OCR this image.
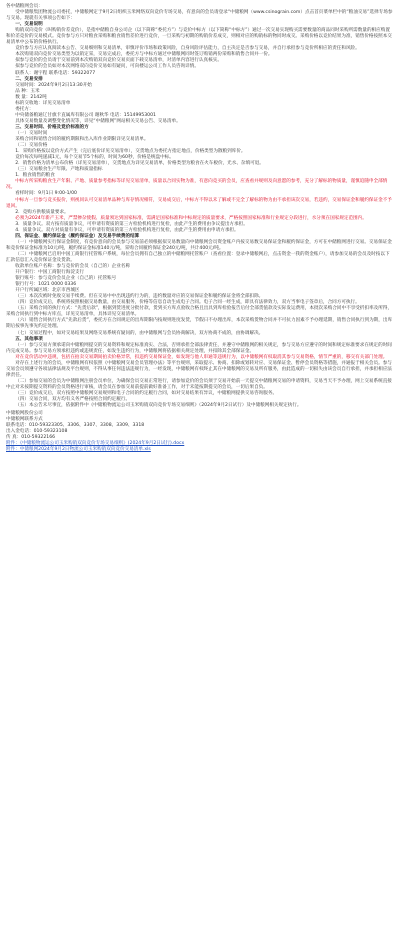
各中储粮网会员：

受中储粮集团物流公司委托，中储粮网定于9月2日组织玉米网络双向竞价专场交易，有意向的会员请登录“中储粮网（www.csinograin.com）点击首页菜单栏中的“粮油交易”选择专场参与交易。现就有关事项公告如下：

一、交易说明

购销双向竞价（叫购销价差竞价），是指中储粮自身公司企（以下简称“委托方”）与竞价中标方（以下简称“中标方”）通过一次交易实现购买需要数量的商品同时采购所需数量的相应购置和价差竞价的交易模式。竞价参与方只对粮食采购和粮食销售差价进行竞价，一旦采购与初期的购销价差成交，则相对应的购销标的物同时成交。采购价格以竞价结果为准，销售价格按照本交易清单中公布的价格执行。

竞价参与方应认真阅读本公告、交易细则和交易清单，审慎评价市场和政策风险，自身风险评估能力，自主决定是否参与交易，并自行承担参与竞价所相应的责任和风险。

本次购销双向竞价交易类型为以销定采，交易完成后，委托方与中标方通过中储粮网同时签订购销两份采购和销售合同并一份。

拟参与竞价的会员请于交易前到本次购销双向竞价交易页面下载交易清单，对清单内容进行认真核实。

拟参与竞价的会员如对本次网络双向竞价交易如有疑问，可向楼运公司工作人员咨询详情。

联系人：谢宇程 联系电话：59322077

二、交易安排

交易时间：2024年9月2日13:30开始

品 种：玉米

数 量：2142吨

标的交收地：详见交易清单

委托方：

中央储备粮通辽甘旗卡直属库有限公司 谢秋华 电话：15149953001

具体交易数量及调整变化情况等，详见“中储粮网”网站相关交易公告、交易清单。

三、交易时间、价格及竞价标准的方

（一）交易时间

采购合同和销售合同的履约期限和出入库作业期限详见交易清单。

（二）交易价格

1．采购价格按以竞价方式产生（完后底价详见交易清单），交货地点为委托方指定地点，价格类型为散粮到库价。

竞价每次每吨递减1元，每个交易节5个标的，时间为60秒，价格是统盘中标。

2．销售价格为清单公布价格（详见交易清单），交货地点为详见交易清单，价格类型为粮食在火车板价，光水、杂填可退。

（三）交易粮食生产年限、产地和质量指标

1．粮食销售的粮食

中标方所采购粮食生产年限、产地、质量参考指标等详见交易清单，质量以合同实物为准，有意向竞买的会员，应查看并规则及向意愿的参考，充分了解标的物质量，谨慎追随申全部情况。

看样时间：9月1日 9:00-1/00

中标方一旦参与竞买报价，则视同认可交易清单品种与库存情况相符，交易成交后，中标方不得以未了解或不完全了解标的物为由不承担该次交易，若违约，交易保证金和履约保证金不予退回。

2．竞购方供粮质量要求。

必须为2024年新产玉米，严禁掺杂使假、质量须达到国家标准，需满足国家标准和中标规定的质量要求，严格按照国家标准和行业规定分段进行，水分须在国家规定范围内。

3．质量争议。双方按有质量争议，可申请有资质的第三方检验机构进行复检，由此产生的费用由争议提出方承担。

4．质量争议。双方对质量有争议，可申请有资质的第三方检验机构进行复检，由此产生的费用由申请方承担。

四、保证金、履约保证金（履约保证金）及交易手续费的结算

（一）中储粮网实行保证金制度，有竞价意向的会员参与交易前必须根据拟交易数量向中储粮网会员资金账户内按交易数交易保证金和履约保证金，方可在中储粮网进行交易。交易保证金和竞价保证金标准为10元/吨，履约保证金标准140元/吨，采购合同履约保证金240元/吨，共计400元/吨。

（二）中储粮网已启用中国工商银行托管账户系统，每位会员拥有自己独立的中储粮网托管账户（查看位置：登录中储粮网后，点击资金一我的资金账户），请参加交易的会员及时按以下汇款信息汇入竞价保证金及货款。

收款单位账户名称：参与竞价的会员（自己的）企业名称

开户银行：中国工商银行海淀支行

银行账号：参与竞价会员企业（自己的）托管账号

银行行号：1021 0000 0336

开户行所属区域：北京市西城区

（三）本次次被时免收交易手续费。但在交易中中出现违约行为的，违约数量对应的交易保证金和履约保证金将全部扣除。

（四）竞价成交后，系统将按照根据交易数量，由交易服务，价格等信息自动生成电子合同。电子合同一经生成，即具有法律效力，双方当事电子签章后，合同方可执行。

（五）采购合同的执行方式：“先货后款”，根据到货进度分批付款，货到买方库点验收合格且出具到库检验报告后付全部货值款及实际发运费用，本批次采购合同中不享受折扣率及所得，采购合同执行到中标方库点，详见交易清单，具体详见交易清单。

（六）销售合同执行方式“先款后货”，委托方在合同规定的出库期限内按规则进度发货，节假日不办理出库，本次采购货物合同并不可抗力因素不予办理延期，销售合同执行到为期，出库期后按事先事先约定处理。

（七）交易过程中，如对交易结果及网络交易系统有疑问的，由中储粮网与会员协商解决，双方协商不成的，由协调解决。

五、其他事项

（一）参与交易方须承诺向中储粮网提交的交易资料和规定标准真实、合法，否则承担全部法律责任，并遵守中储粮网的相关规定，参与交易方应遵守的时间和规定标准要求在规定的时间内完成交易。参与交易方须承担违约或违规责任，如发生违约行为，中储粮网将依据相关规定处理，并扣除其全部保证金。

对在竞价活动中违规，包括在拍卖交易期间拍卖价格异常，扣违约交易保证金，如发现与他人串通等违规行为，以中储粮网有权取消其参与交易资格，情节严重的，移交有关部门处理。

对存在上述行为的会员，中储粮网有权依照《中储粮网交易会员管理办法》等平台规则，采取提示、协商、扣除或划转对应、交易保证金、暂停会员资格等措施，并通报于相关会员。参与交易会员须遵守各项法律法规及平台规则，不得从事任何违法违规行为，一经发现，中储粮网有权终止其在中储粮网的交易及所有服务，由此造成的一切损失由该会员自行承担，并承担相应法律责任。

（二）参加交易的会员为中储粮网注册会员单位，为确保会员交易正常进行，请参加竞价的会员须于交易开始前一天提交中储粮网交易的申请资料，交易当天不予办理，网上交易系统直接中止对未按期提交资料的会员资格进行审核，请会员在参加交易前提前做好准备工作，对于未能按期提交的会员，一切后果自负。

（三）竞价成交后，双方按照中储粮网交易规则和电子合同的约定履行合同，如对交易结果有异议，中储粮网提供交易咨询服务。

（四）交易合同，双方均有义务严格按照合同约定履行。

（五）本公告未尽事宜，依据附件中《中储粮物流运公司玉米购销双向竞价专场交易细则》（2024年9月2日试行）及中储粮网相关规定执行。

中储粮网股份公司

中储粮网联系方式

联系电话：010-59323305、3306、3307、3308、3309、3318

出入金电话：010-59323108

传 真：010-59322166

附件：《中储粮物流运公司玉米购销双向竞价专场交易细则》(2024年9月2日试行).docx

附件：中储粮网2024年9月2日物流公司玉米购销双向竞价交易清单.xls
